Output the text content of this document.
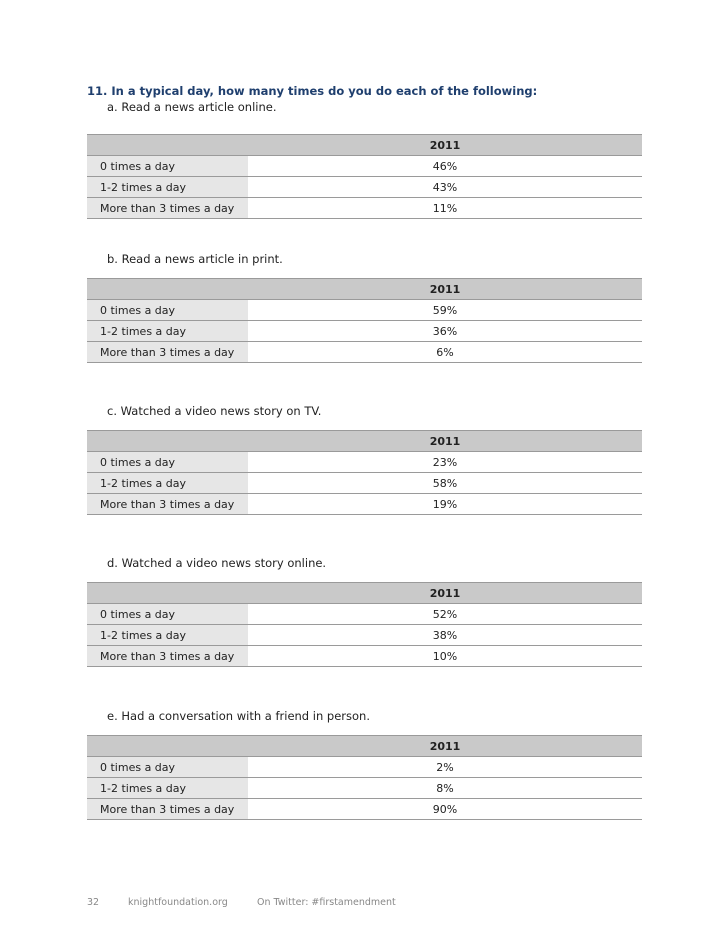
11. In a typical day, how many times do you do each of the following:
a. Read a news article online.
	2011
0 times a day	46%
1-2 times a day	43%
More than 3 times a day	11%
b. Read a news article in print.
	2011
0 times a day	59%
1-2 times a day	36%
More than 3 times a day	6%
c. Watched a video news story on TV.
	2011
0 times a day	23%
1-2 times a day	58%
More than 3 times a day	19%
d. Watched a video news story online.
	2011
0 times a day	52%
1-2 times a day	38%
More than 3 times a day	10%
e. Had a conversation with a friend in person.
	2011
0 times a day	2%
1-2 times a day	8%
More than 3 times a day	90%
32	knightfoundation.org	On Twitter: #firstamendment
